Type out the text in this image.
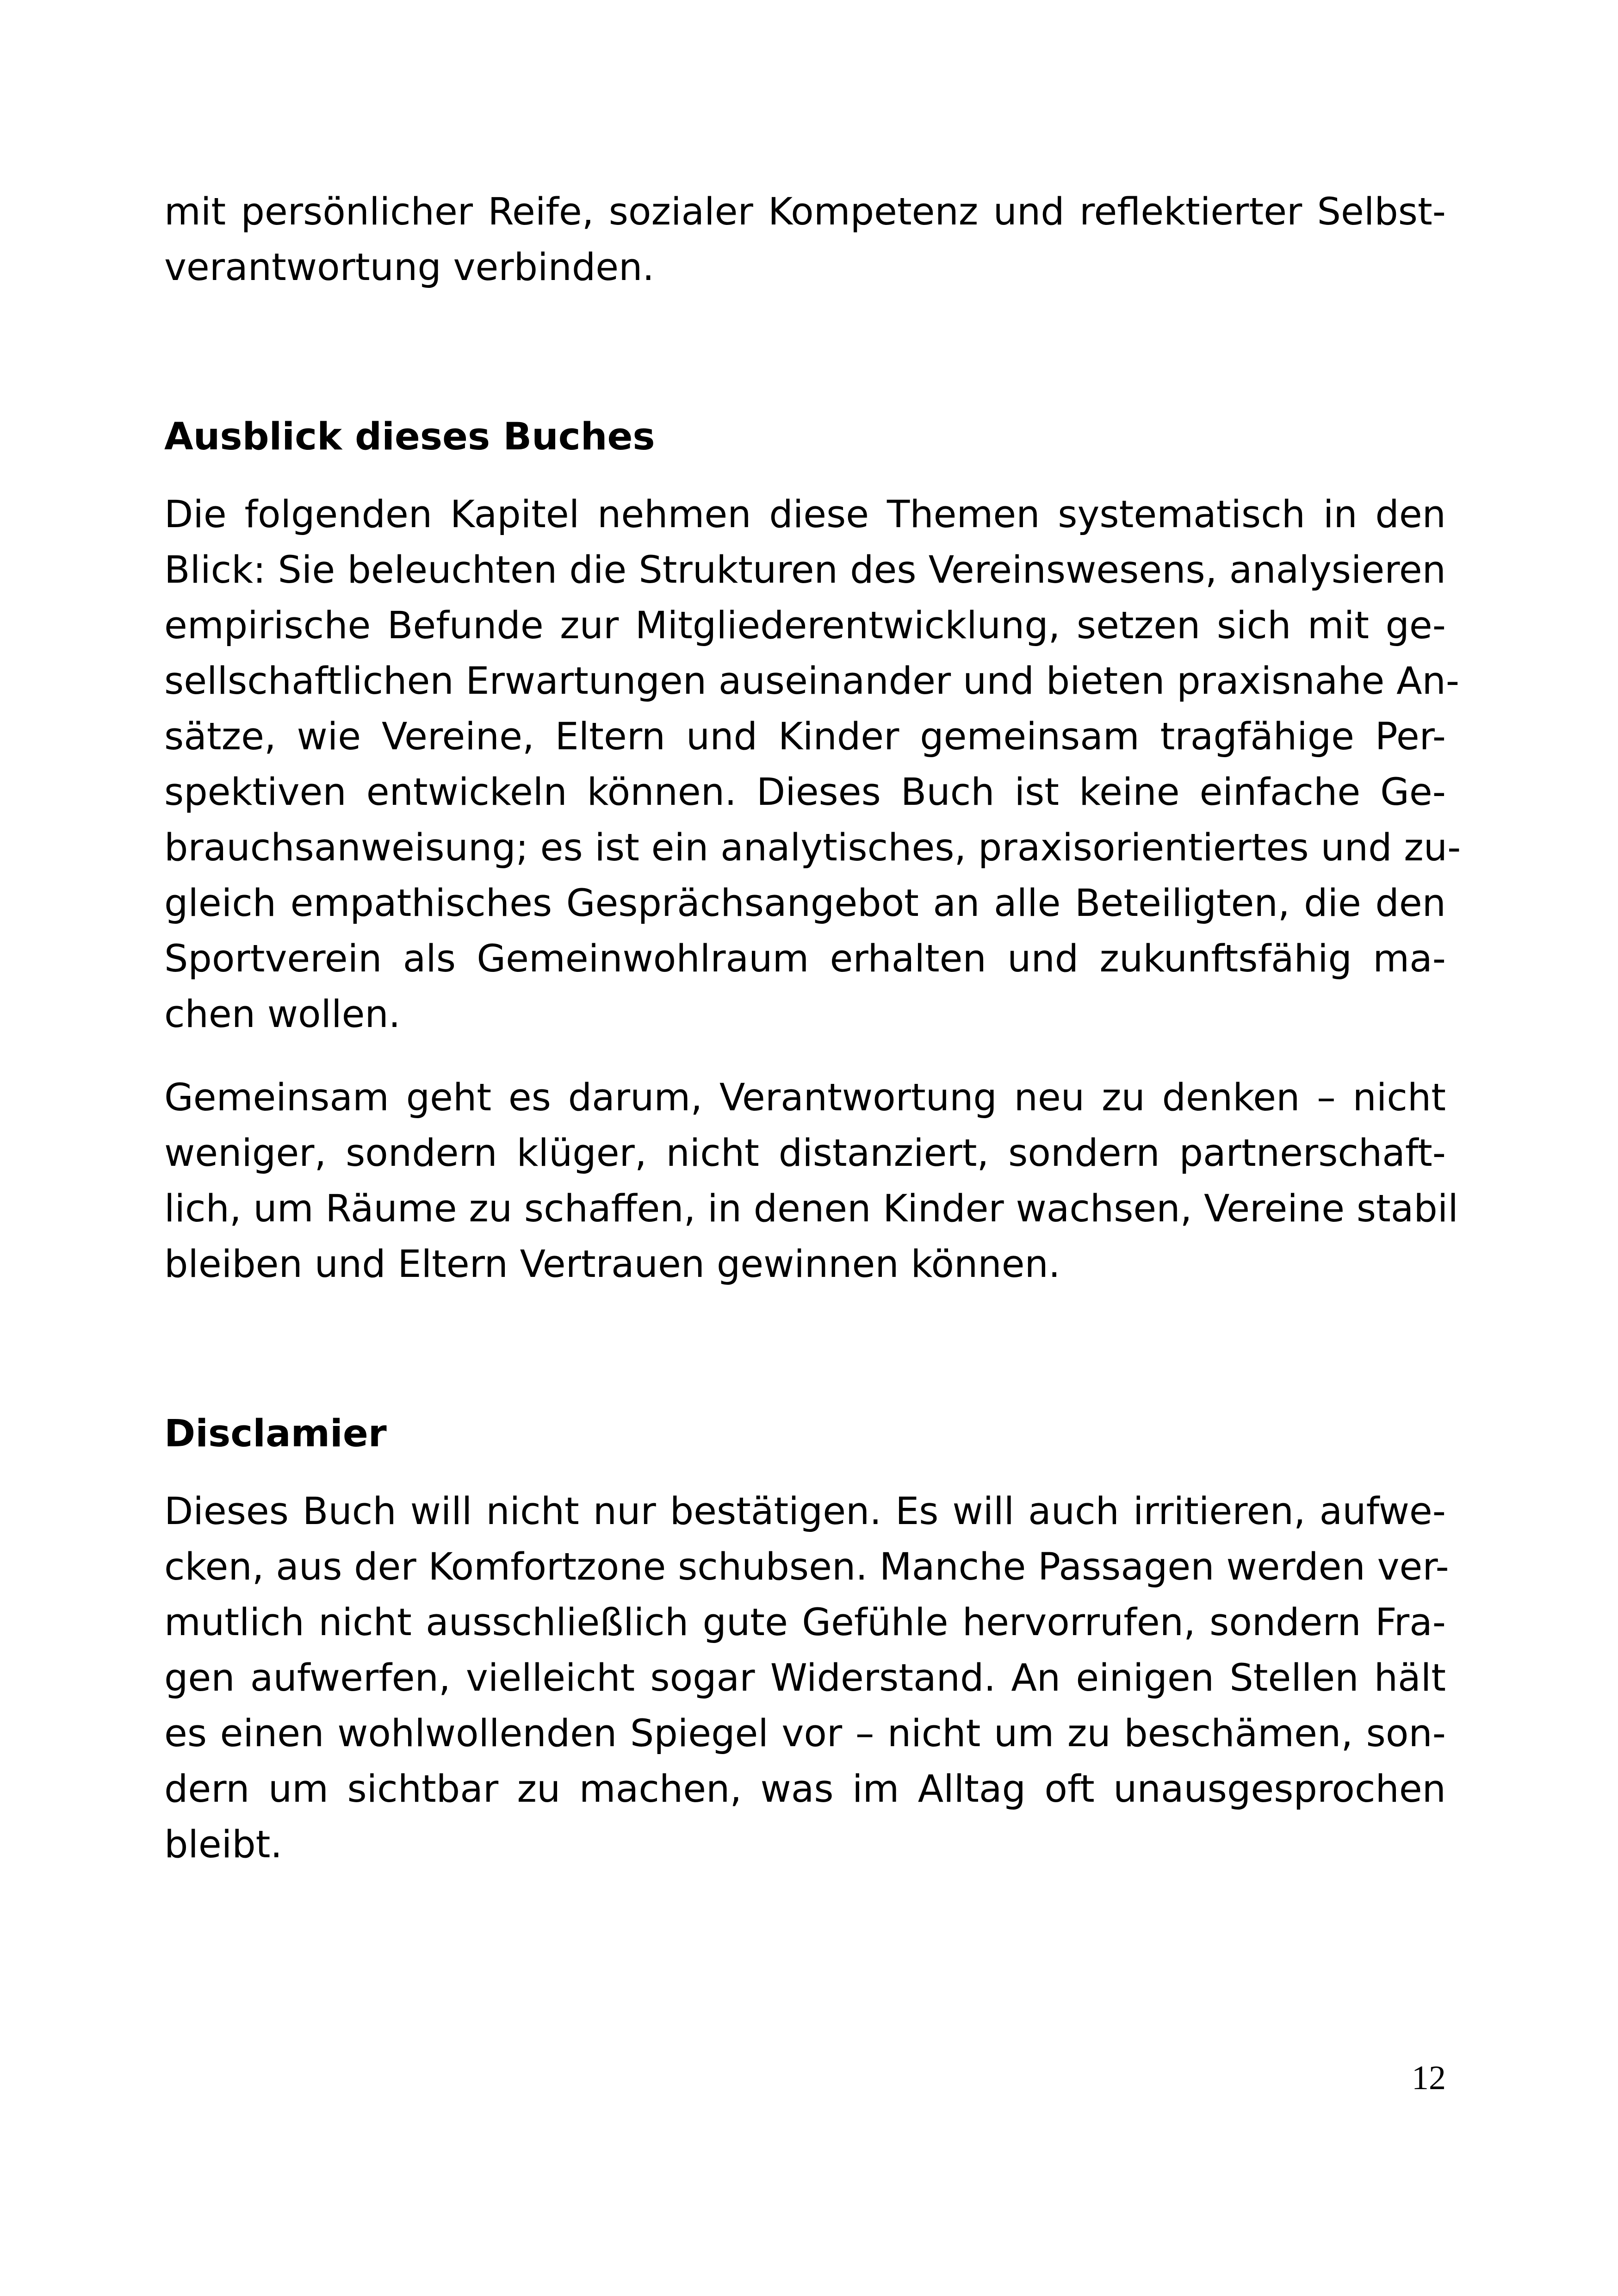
mit persönlicher Reife, sozialer Kompetenz und reflektierter Selbst-
verantwortung verbinden.
Ausblick dieses Buches
Die folgenden Kapitel nehmen diese Themen systematisch in den
Blick: Sie beleuchten die Strukturen des Vereinswesens, analysieren
empirische Befunde zur Mitgliederentwicklung, setzen sich mit ge-
sellschaftlichen Erwartungen auseinander und bieten praxisnahe An-
sätze, wie Vereine, Eltern und Kinder gemeinsam tragfähige Per-
spektiven entwickeln können. Dieses Buch ist keine einfache Ge-
brauchsanweisung; es ist ein analytisches, praxisorientiertes und zu-
gleich empathisches Gesprächsangebot an alle Beteiligten, die den
Sportverein als Gemeinwohlraum erhalten und zukunftsfähig ma-
chen wollen.
Gemeinsam geht es darum, Verantwortung neu zu denken – nicht
weniger, sondern klüger, nicht distanziert, sondern partnerschaft-
lich, um Räume zu schaffen, in denen Kinder wachsen, Vereine stabil
bleiben und Eltern Vertrauen gewinnen können.
Disclamier
Dieses Buch will nicht nur bestätigen. Es will auch irritieren, aufwe-
cken, aus der Komfortzone schubsen. Manche Passagen werden ver-
mutlich nicht ausschließlich gute Gefühle hervorrufen, sondern Fra-
gen aufwerfen, vielleicht sogar Widerstand. An einigen Stellen hält
es einen wohlwollenden Spiegel vor – nicht um zu beschämen, son-
dern um sichtbar zu machen, was im Alltag oft unausgesprochen
bleibt.
12
